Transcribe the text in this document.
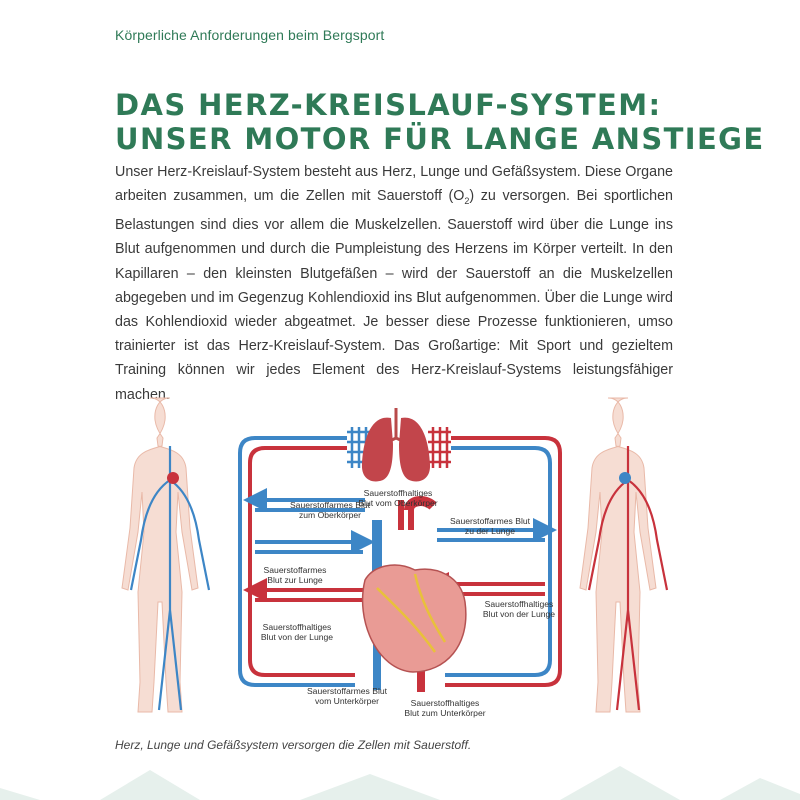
Körperliche Anforderungen beim Bergsport
DAS HERZ-KREISLAUF-SYSTEM:
UNSER MOTOR FÜR LANGE ANSTIEGE

Unser Herz-Kreislauf-System besteht aus Herz, Lunge und Gefäßsystem. Diese Organe arbeiten zusammen, um die Zellen mit Sauerstoff $(O_2)$ zu versorgen. Bei sportlichen Belastungen sind dies vor allem die Muskelzellen. Sauerstoff wird über die Lunge ins Blut aufgenommen und durch die Pumpleistung des Herzens im Körper verteilt. In den Kapillaren – den kleinsten Blutgefäßen – wird der Sauerstoff an die Muskelzellen abgegeben und im Gegenzug Kohlendioxid ins Blut aufgenommen. Über die Lunge wird das Kohlendioxid wieder abgeatmet. Je besser diese Prozesse funktionieren, umso trainierter ist das Herz-Kreislauf-System. Das Großartige: Mit Sport und gezieltem Training können wir jedes Element des Herz-Kreislauf-Systems leistungsfähiger machen.

Sauerstoffhaltiges Blut vom Oberkörper
Sauerstoffarmes Blut zum Oberkörper
Sauerstoffarmes Blut zu der Lunge
Sauerstoffarmes Blut zur Lunge
Sauerstoffhaltiges Blut von der Lunge
Sauerstoffhaltiges Blut von der Lunge
Sauerstoffarmes Blut vom Unterkörper	Sauerstoffhaltiges Blut zum Unterkörper
Herz, Lunge und Gefäßsystem versorgen die Zellen mit Sauerstoff.
